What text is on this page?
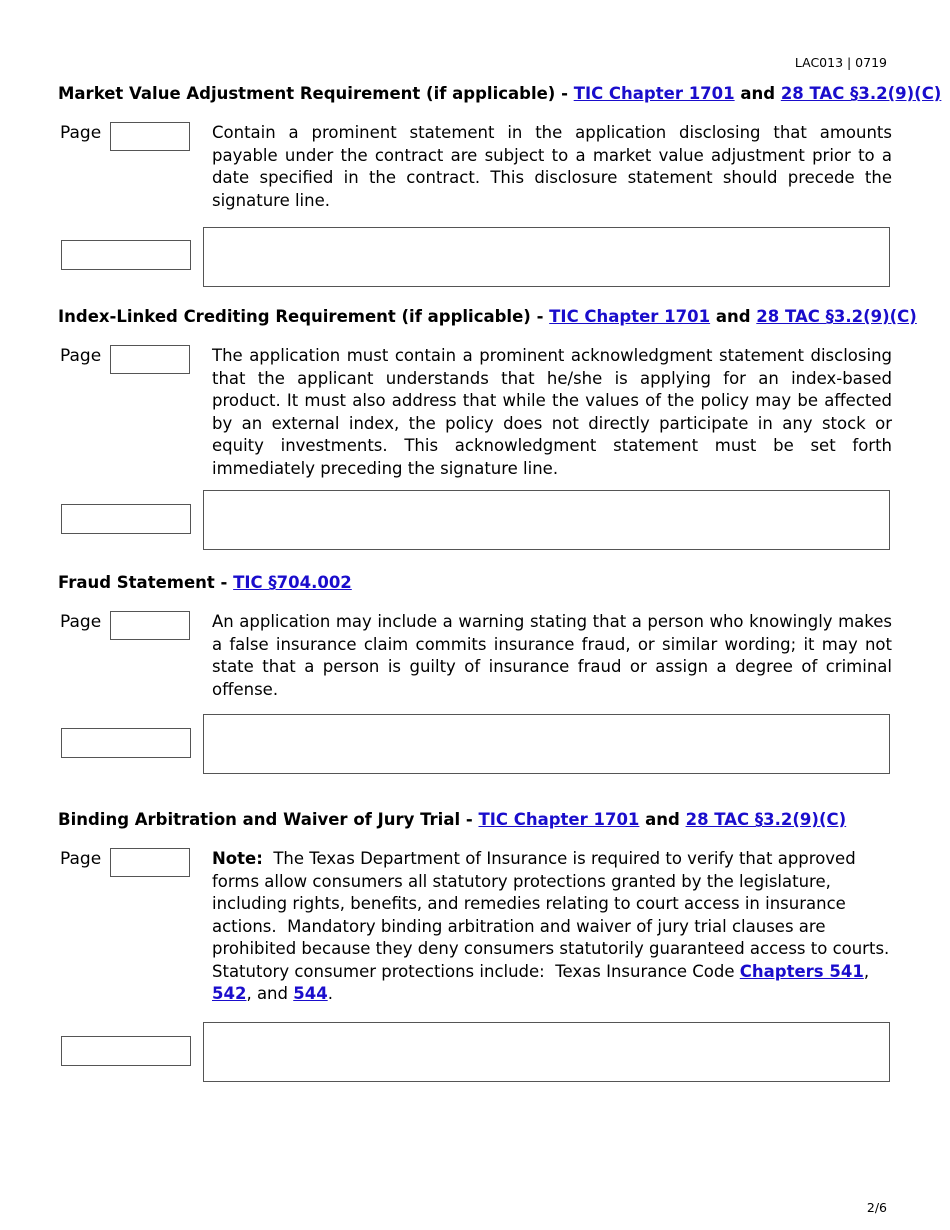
LAC013 | 0719
Market Value Adjustment Requirement (if applicable) - TIC Chapter 1701 and 28 TAC §3.2(9)(C)
Page	Contain a prominent statement in the application disclosing that amounts payable under the contract are subject to a market value adjustment prior to a date specified in the contract. This disclosure statement should precede the signature line.
Index-Linked Crediting Requirement (if applicable) - TIC Chapter 1701 and 28 TAC §3.2(9)(C)
Page	The application must contain a prominent acknowledgment statement disclosing that the applicant understands that he/she is applying for an index-based product. It must also address that while the values of the policy may be affected by an external index, the policy does not directly participate in any stock or equity investments. This acknowledgment statement must be set forth immediately preceding the signature line.
Fraud Statement - TIC §704.002
Page	An application may include a warning stating that a person who knowingly makes a false insurance claim commits insurance fraud, or similar wording; it may not state that a person is guilty of insurance fraud or assign a degree of criminal offense.
Binding Arbitration and Waiver of Jury Trial - TIC Chapter 1701 and 28 TAC §3.2(9)(C)
Page	Note:  The Texas Department of Insurance is required to verify that approved forms allow consumers all statutory protections granted by the legislature, including rights, benefits, and remedies relating to court access in insurance actions.  Mandatory binding arbitration and waiver of jury trial clauses are prohibited because they deny consumers statutorily guaranteed access to courts. Statutory consumer protections include:  Texas Insurance Code Chapters 541, 542, and 544.
2/6
